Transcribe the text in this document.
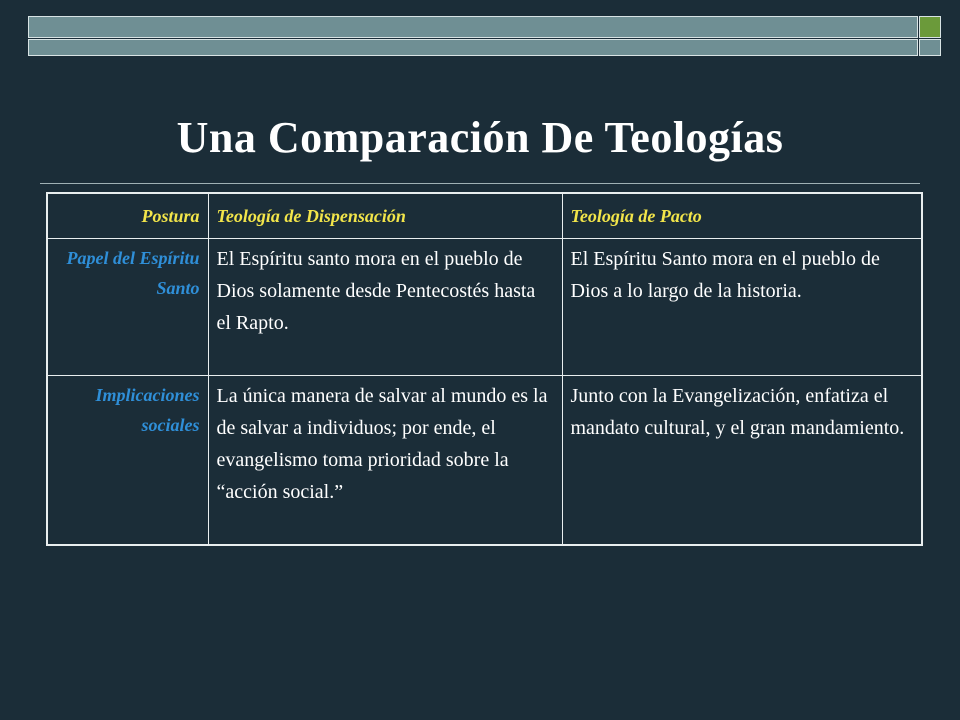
Una Comparación De Teologías
Postura	Teología de Dispensación	Teología de Pacto
Papel del Espíritu Santo	El Espíritu santo mora en el pueblo de Dios solamente desde Pentecostés hasta el Rapto.	El Espíritu Santo mora en el pueblo de Dios a lo largo de la historia.
Implicaciones sociales	La única manera de salvar al mundo es la de salvar a individuos; por ende, el evangelismo toma prioridad sobre la “acción social.”	Junto con la Evangelización, enfatiza el mandato cultural, y el gran mandamiento.
